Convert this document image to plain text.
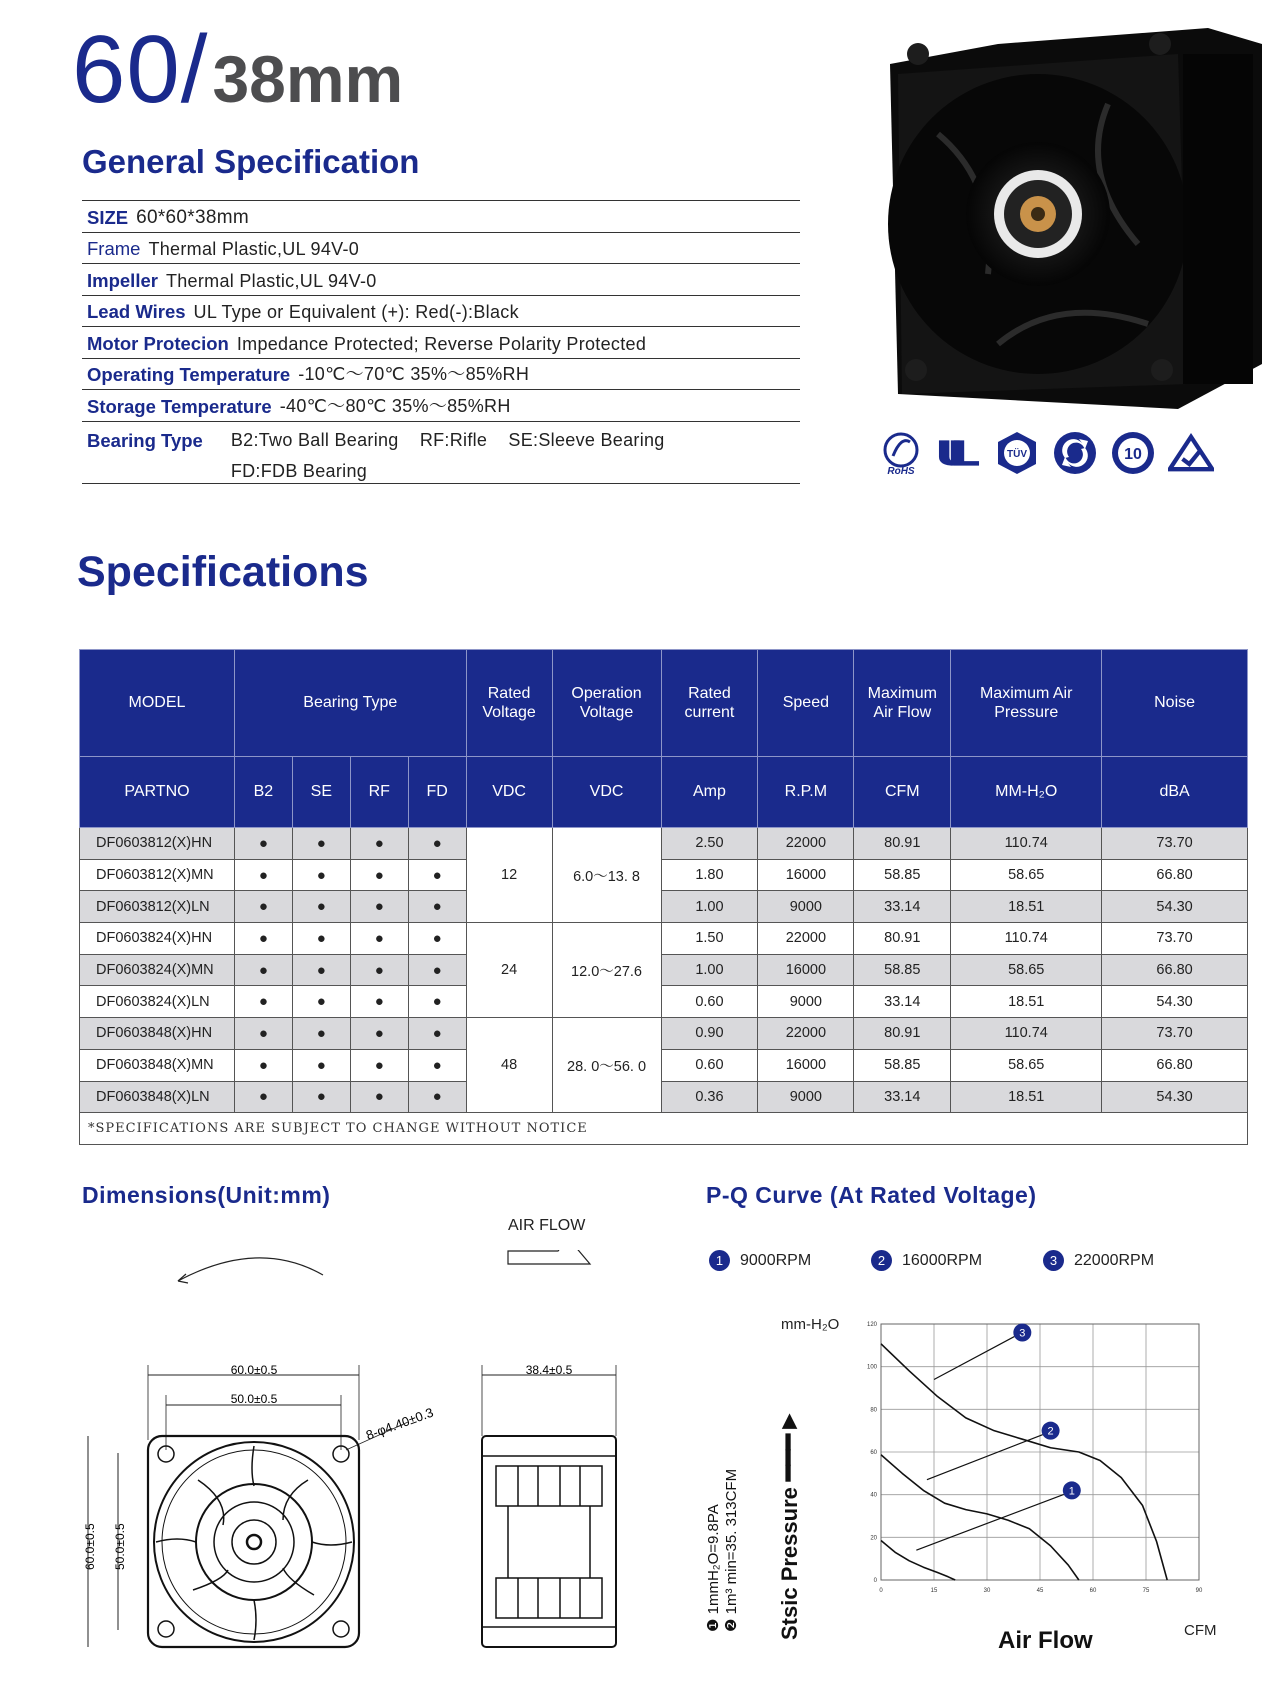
60/38mm
General Specification
SIZE 60*60*38mm
Frame Thermal Plastic,UL 94V-0
Impeller Thermal Plastic,UL 94V-0
Lead Wires UL Type or Equivalent (+): Red(-):Black
Motor Protecion Impedance Protected; Reverse Polarity Protected
Operating Temperature -10℃～70℃ 35%～85%RH
Storage Temperature -40℃～80℃ 35%～85%RH
Bearing Type B2:Two Ball Bearing    RF:Rifle    SE:Sleeve Bearing
FD:FDB Bearing	RoHS
TÜV	10
Specifications
MODEL	Bearing Type				Rated Voltage	Operation Voltage	Rated current	Speed	Maximum Air Flow	Maximum Air Pressure	Noise
PARTNO	B2	SE	RF	FD	VDC	VDC	Amp	R.P.M	CFM	MM-H₂O	dBA
DF0603812(X)HN	●	●	●	●	12	6.0～13. 8	2.50	22000	80.91	110.74	73.70
DF0603812(X)MN	●	●	●	●			1.80	16000	58.85	58.65	66.80
DF0603812(X)LN	●	●	●	●			1.00	9000	33.14	18.51	54.30
DF0603824(X)HN	●	●	●	●	24	12.0～27.6	1.50	22000	80.91	110.74	73.70
DF0603824(X)MN	●	●	●	●			1.00	16000	58.85	58.65	66.80
DF0603824(X)LN	●	●	●	●			0.60	9000	33.14	18.51	54.30
DF0603848(X)HN	●	●	●	●	48	28. 0～56. 0	0.90	22000	80.91	110.74	73.70
DF0603848(X)MN	●	●	●	●			0.60	16000	58.85	58.65	66.80
DF0603848(X)LN	●	●	●	●			0.36	9000	33.14	18.51	54.30
*SPECIFICATIONS ARE SUBJECT TO CHANGE WITHOUT NOTICE											
Dimensions(Unit:mm)
AIR FLOW
60.0±0.5
50.0±0.5
8-φ4.40±0.3
60.0±0.5 50.0±0.5
38.4±0.5
P-Q Curve (At Rated Voltage)
1	9000RPM	2	16000RPM	3	22000RPM
mm-H₂O
❶ 1mmH₂O=9.8PA ❷ 1m³ min=35. 313CFM Stsic Pressure ━━━►
Air Flow	CFM
0	15	30	45	60	75	90
0
20
40
60
80
100
120
1
2
3
